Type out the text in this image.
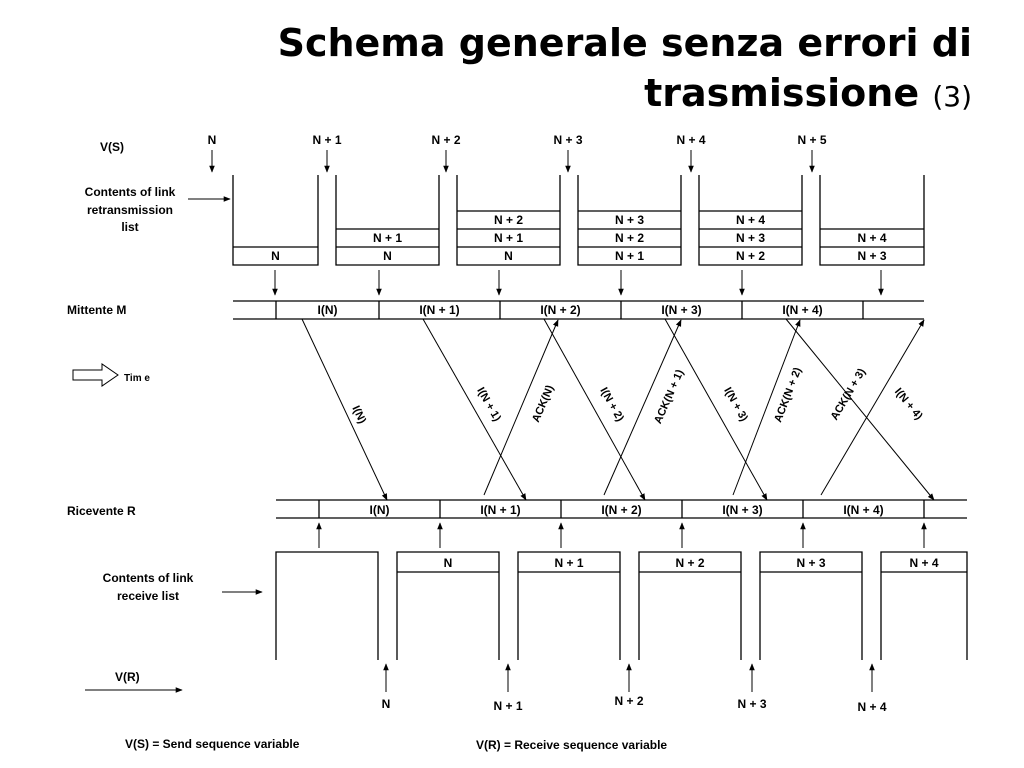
Schema generale senza errori di
trasmissione (3)
V(S)
Contents of link
retransmission
list
Mittente M
Tim e
Ricevente R
Contents of link
receive list
V(R)
V(S) = Send sequence variable	V(R) = Receive sequence variable
N	N + 1	N + 2	N + 3	N + 4	N + 5
N	N
N + 1
N
N + 1
N + 2
N + 1
N + 2
N + 3
N + 2
N + 3
N + 4
N + 3
N + 4
I(N)	I(N + 1)	I(N + 2)	I(N + 3)	I(N + 4)
I(N)	I(N + 1)	I(N + 2)	I(N + 3)	I(N + 4)
I(N)	I(N + 1)	I(N + 2)	I(N + 3)	I(N + 4)
ACK(N)	ACK(N + 1)	ACK(N + 2) ACK(N + 3)
N	N + 1	N + 2	N + 3	N + 4
N	N + 1	N + 2	N + 3	N + 4
